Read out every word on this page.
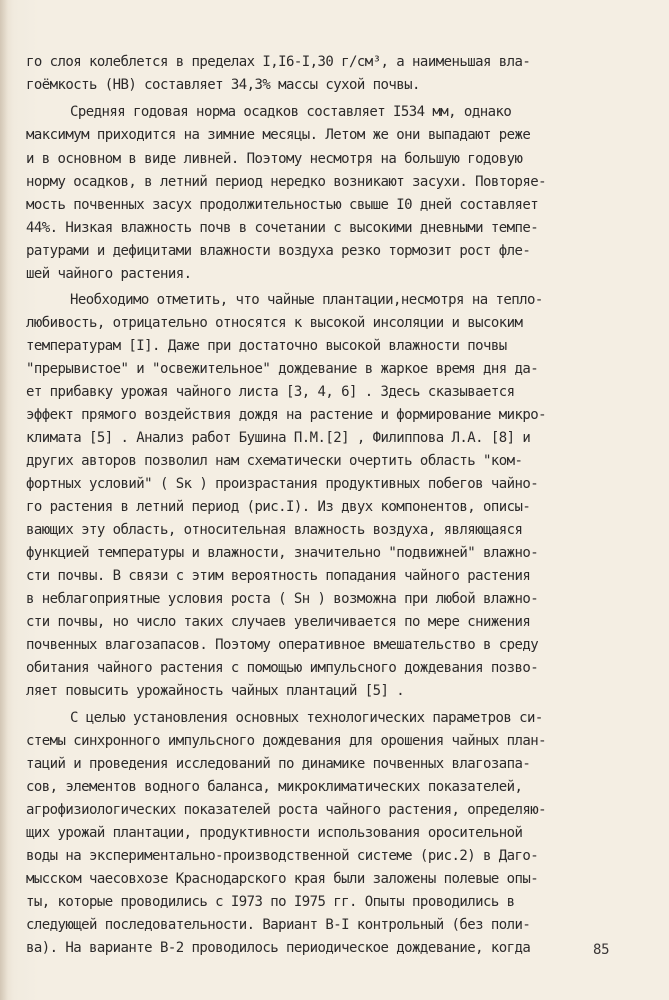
го слоя колеблется в пределах I,I6-I,30 г/см³, а наименьшая вла-
гоёмкость (НВ) составляет 34,3% массы сухой почвы.
Средняя годовая норма осадков составляет I534 мм, однако
максимум приходится на зимние месяцы. Летом же они выпадают реже
и в основном в виде ливней. Поэтому несмотря на большую годовую
норму осадков, в летний период нередко возникают засухи. Повторяе-
мость почвенных засух продолжительностью свыше I0 дней составляет
44%. Низкая влажность почв в сочетании с высокими дневными темпе-
ратурами и дефицитами влажности воздуха резко тормозит рост фле-
шей чайного растения.
Необходимо отметить, что чайные плантации,несмотря на тепло-
любивость, отрицательно относятся к высокой инсоляции и высоким
температурам [I]. Даже при достаточно высокой влажности почвы
"прерывистое" и "освежительное" дождевание в жаркое время дня да-
ет прибавку урожая чайного листа [3, 4, 6] . Здесь сказывается
эффект прямого воздействия дождя на растение и формирование микро-
климата [5] . Анализ работ Бушина П.М.[2] , Филиппова Л.А. [8] и
других авторов позволил нам схематически очертить область "ком-
фортных условий" ( Sк ) произрастания продуктивных побегов чайно-
го растения в летний период (рис.I). Из двух компонентов, описы-
вающих эту область, относительная влажность воздуха, являющаяся
функцией температуры и влажности, значительно "подвижней" влажно-
сти почвы. В связи с этим вероятность попадания чайного растения
в неблагоприятные условия роста ( Sн ) возможна при любой влажно-
сти почвы, но число таких случаев увеличивается по мере снижения
почвенных влагозапасов. Поэтому оперативное вмешательство в среду
обитания чайного растения с помощью импульсного дождевания позво-
ляет повысить урожайность чайных плантаций [5] .
С целью установления основных технологических параметров си-
стемы синхронного импульсного дождевания для орошения чайных план-
таций и проведения исследований по динамике почвенных влагозапа-
сов, элементов водного баланса, микроклиматических показателей,
агрофизиологических показателей роста чайного растения, определяю-
щих урожай плантации, продуктивности использования оросительной
воды на экспериментально-производственной системе (рис.2) в Даго-
мысском чаесовхозе Краснодарского края были заложены полевые опы-
ты, которые проводились с I973 по I975 гг. Опыты проводились в
следующей последовательности. Вариант В-I контрольный (без поли-
ва). На варианте В-2 проводилось периодическое дождевание, когда	85
